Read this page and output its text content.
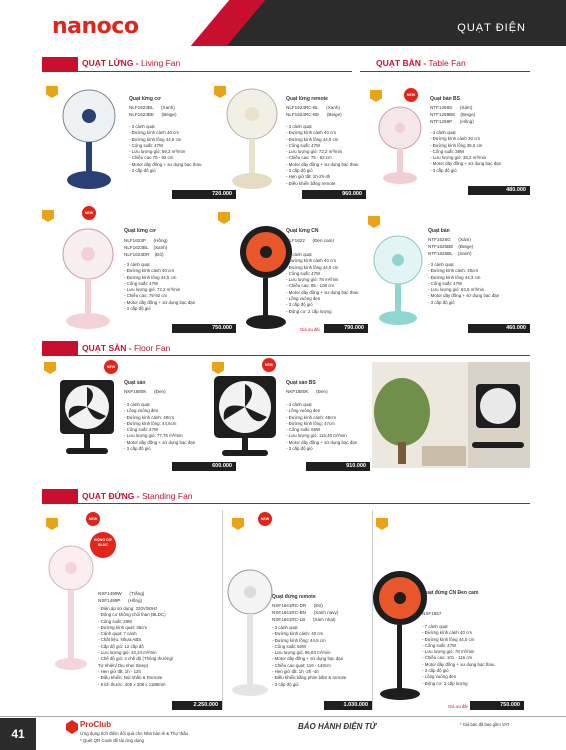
nanoco	QUẠT ĐIỆN
QUẠT LỬNG - Living Fan	QUẠT BÀN - Table Fan
Quạt lửng cơ
NLF1623BL      (Xanh)
NLF1623BE      (Beige)
- 3 cánh quạt
- Đường kính cánh 40 cm
- Đường kính lồng 44,5 cm
- Công suất: 47W
- Lưu lượng gió: 69,3 m³/min
- Chiều cao 75 - 92 cm
- Motor dây đồng + sư dụng bạc thau
- 3 cấp độ gió
720.000
Quạt lửng remote
NLF1624RC-BL      (Xanh)
NLF1624RC-BE      (Beige)
- 3 cánh quạt
- Đường kính cánh 40 cm
- Đường kính lồng 44,5 cm
- Công suất: 47W
- Lưu lượng gió: 72,2 m³/min
- Chiều cao: 75 - 92 cm
- Motor dây đồng + sư dụng bạc thau
- 3 cấp độ gió
- Hẹn giờ tắt: 1h-2h-4h
- Điều khiển bằng remote
960.000
NEW
Quạt bàn BS
NTF1269S      (Xám)
NTF1269BE    (Beige)
NTF1269P      (Hồng)
- 3 cánh quạt
- Đường kính cánh 30 cm
- Đường kính lồng 35,5 cm
- Công suất: 38W
- Lưu lượng gió: 38,2 m³/min
- Motor dây đồng + sử dụng bạc đạn
- 3 cấp độ gió
480.000
NEW
Quạt lửng cơ
NLF1623P      (Hồng)
NLF1623BL    (Xanh)
NLF1623DR    (Đỏ)
- 3 cánh quạt
- Đường kính cánh 40 cm
- Đường kính lồng 44,5 cm
- Công suất: 47W
- Lưu lượng gió: 72,2 m³/min
- Chiều cao: 75-92 cm
- Motor dây đồng + sử dụng bạc đạn
- 3 cấp độ gió
750.000
Quạt lửng CN
NLF1622      (Đen cam)
- 7 cánh quạt
- Đường kính cánh 40 cm
- Đường kính lồng 44,5 cm
- Công suất: 47W
- Lưu lượng gió: 78 m³/min
- Chiều cao: 85 - 108 cm
- Motor dây đồng + sư dụng bạc thau
- Lồng vuông đen
- 3 cấp độ gió
- Động cơ: 2 cấp lượng
Giá ưu đãi	790.000
Quạt bàn
NTF1626G      (Xám)
NTF1626BE    (Beige)
NTF1626BL    (Xanh)
- 3 cánh quạt
- Đường kính cánh: 40cm
- Đường kính lồng 44,3 cm
- Công suất: 47W
- Lưu lượng gió: 63,6 m³/min
- Motor dây đồng + sử dụng bạc đạn
- 3 cấp độ gió
460.000
QUẠT SÀN - Floor Fan
NEW
Quạt sàn
NKF1680K      (Đen)
- 3 cánh quạt
- Lồng vuông đen
- Đường kính cánh: 40cm
- Đường kính lồng: 44,5cm
- Công suất: 47W
- Lưu lượng gió: 77,76 m³/min
- Motor dây đồng + sử dụng bạc đạn
- 3 cấp độ gió
600.000
NEW
Quạt sàn BS
NKF1880K      (Đen)
- 3 cánh quạt
- Lồng vuông đen
- Đường kính cánh: 45cm
- Đường kính lồng: 47cm
- Công suất: 65W
- Lưu lượng gió: 116,40 m³/min
- Motor dây đồng + sử dụng bạc đạn
- 3 cấp độ gió
910.000
QUẠT ĐỨNG - Standing Fan
ĐỘNG CƠ BLDC
NEW
NSF1499W      (Trắng)
NSF1499P      (Hồng)
- Điện áp sử dụng: 220V/50Hz
- Động cơ không chổi than (BLDC)
- Công suất: 28W
- Đường kính quạt: 35cm
- Cánh quạt: 7 cánh
- Chất liệu: Nhựa ABS
- Cấp độ gió: 12 cấp độ
- Lưu lượng gió: 43,34 m³/min
- Chế độ gió: 4 chế độ (Thông thường/
Tự nhiên/ Dịu nhẹ/ Sleep)
- Hẹn giờ tắt: 1h - 12h
- Điều khiển: Núi nhấn & Remote
- Kích thước: 408 x 308 x 1188mm
2.250.000
NEW
Quạt đứng remote
NSF1641RC-DR      (Đỏ)
NSF1641RC-BN      (Xanh navy)
NSF1641RC-LB      (Xám nhạt)
- 3 cánh quạt
- Đường kính cánh: 40 cm
- Đường kính lồng: 44,5 cm
- Công suất: 50W
- Lưu lượng gió: 86,83 m³/min
- Motor dây đồng + sử dụng bạc đạn
- Chiều cao quạt: 116 - 140cm
- Hẹn giờ tắt: 1h -2h -4h
- Điều khiển bằng phím bấm & remote
- 3 cấp độ gió
1.030.000
Quạt đứng CN Đen cam
NSF1657
- 7 cánh quạt
- Đường kính cánh 40 cm
- Đường kính lồng 44,5 cm
- Công suất: 47W
- Lưu lượng gió: 78 m³/min
- Chiều cao: 101 - 116 cm
- Motor dây đồng + sư dụng bạc thau
- 3 cấp độ gió
- Lồng vuông đen
- Động cơ: 2 cấp lượng
Giá ưu đãi	750.000
41
ProClub
Ứng dụng tích điểm đổi quà cho Nhà bán lẻ & Thợ thầu
* Quét QR Code để tải ứng dụng
BẢO HÀNH ĐIỆN TỬ	* Giá bán đã bao gồm VAT
